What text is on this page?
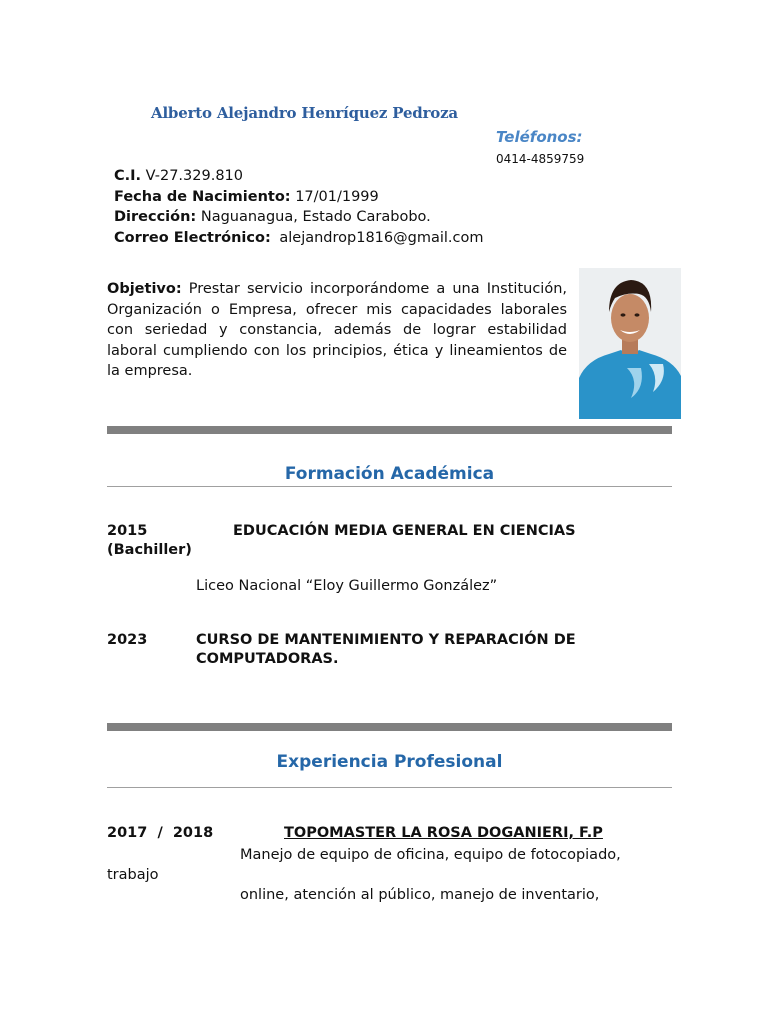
Alberto Alejandro Henríquez Pedroza
Teléfonos:
0414-4859759
C.I. V-27.329.810
Fecha de Nacimiento: 17/01/1999
Dirección: Naguanagua, Estado Carabobo.
Correo Electrónico: alejandrop1816@gmail.com
Objetivo: Prestar servicio incorporándome a una Institución, Organización o Empresa, ofrecer mis capacidades laborales con seriedad y constancia, además de lograr estabilidad laboral cumpliendo con los principios, ética y lineamientos de la empresa.
Formación Académica
2015	EDUCACIÓN MEDIA GENERAL EN CIENCIAS
(Bachiller)
Liceo Nacional “Eloy Guillermo González”
2023	CURSO DE MANTENIMIENTO Y REPARACIÓN DE
COMPUTADORAS.
Experiencia Profesional
2017  /  2018	TOPOMASTER LA ROSA DOGANIERI, F.P
Manejo de equipo de oficina, equipo de fotocopiado,
trabajo
online, atención al público, manejo de inventario,
